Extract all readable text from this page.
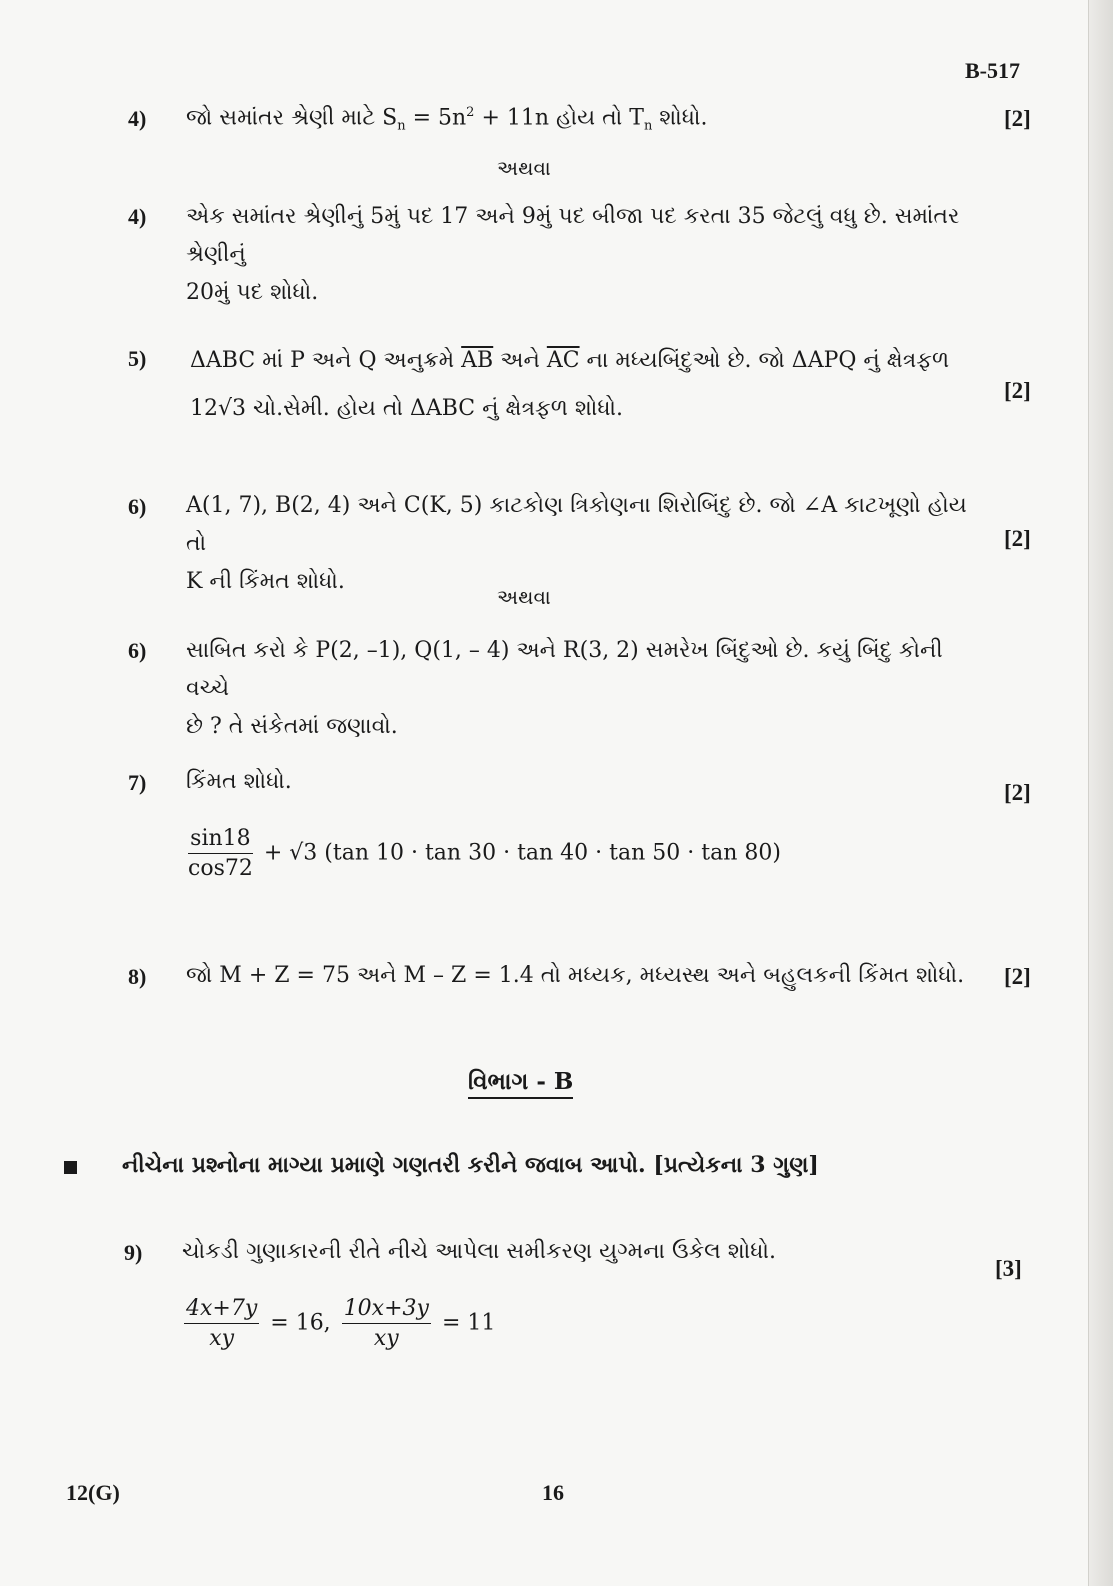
B-517
4) જો સમાંતર શ્રેણી માટે $S_n = 5n^2 + 11n$ હોય તો $T_n$ શોધો.	[2]
અથવા
4) એક સમાંતર શ્રેણીનું 5મું પદ 17 અને 9મું પદ બીજા પદ કરતા 35 જેટલું વધુ છે. સમાંતર શ્રેણીનું
20મું પદ શોધો.
5) ΔABC માં P અને Q અનુક્રમે $\overline{AB}$ અને $\overline{AC}$ ના મધ્યબિંદુઓ છે. જો ΔAPQ નું ક્ષેત્રફળ
12√3 ચો.સેમી. હોય તો ΔABC નું ક્ષેત્રફળ શોધો.
[2]
6) A(1, 7), B(2, 4) અને C(K, 5) કાટકોણ ત્રિકોણના શિરોબિંદુ છે. જો ∠A કાટખૂણો હોય તો
K ની કિંમત શોધો.
[2]
અથવા
6) સાબિત કરો કે P(2, –1), Q(1, – 4) અને R(3, 2) સમરેખ બિંદુઓ છે. કયું બિંદુ કોની વચ્ચે
છે ? તે સંકેતમાં જણાવો.
7) કિંમત શોધો.	[2]
$\frac{\sin 18}{\cos 72} + √3$ (tan 10 · tan 30 · tan 40 · tan 50 · tan 80)
8) જો M + Z = 75 અને M – Z = 1.4 તો મધ્યક, મધ્યસ્થ અને બહુલકની કિંમત શોધો. [2]
વિભાગ - B
નીચેના પ્રશ્નોના માગ્યા પ્રમાણે ગણતરી કરીને જવાબ આપો. [પ્રત્યેકના 3 ગુણ]
9) ચોકડી ગુણાકારની રીતે નીચે આપેલા સમીકરણ યુગ્મના ઉકેલ શોધો.
[3]
$\frac{4x+7y}{xy} = 16$, $\frac{10x+3y}{xy} = 11$
12(G)	16
